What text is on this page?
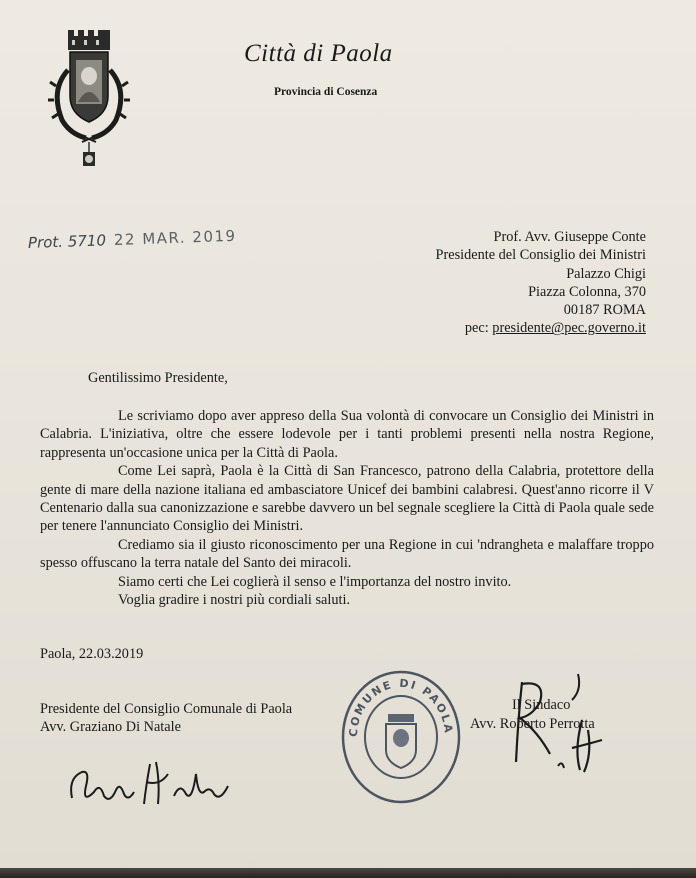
Città di Paola
Provincia di Cosenza
Prot. 5710 22 MAR. 2019	Prof. Avv. Giuseppe Conte
Presidente del Consiglio dei Ministri
Palazzo Chigi
Piazza Colonna, 370
00187 ROMA
pec: presidente@pec.governo.it
Gentilissimo Presidente,

Le scriviamo dopo aver appreso della Sua volontà di convocare un Consiglio dei Ministri in Calabria. L'iniziativa, oltre che essere lodevole per i tanti problemi presenti nella nostra Regione, rappresenta un'occasione unica per la Città di Paola.

Come Lei saprà, Paola è la Città di San Francesco, patrono della Calabria, protettore della gente di mare della nazione italiana ed ambasciatore Unicef dei bambini calabresi. Quest'anno ricorre il V Centenario dalla sua canonizzazione e sarebbe davvero un bel segnale scegliere la Città di Paola quale sede per tenere l'annunciato Consiglio dei Ministri.

Crediamo sia il giusto riconoscimento per una Regione in cui 'ndrangheta e malaffare troppo spesso offuscano la terra natale del Santo dei miracoli.

Siamo certi che Lei coglierà il senso e l'importanza del nostro invito.

Voglia gradire i nostri più cordiali saluti.

Paola, 22.03.2019
Presidente del Consiglio Comunale di Paola
Avv. Graziano Di Natale	COMUNE DI PAOLA
Il Sindaco
Avv. Roberto Perrotta
